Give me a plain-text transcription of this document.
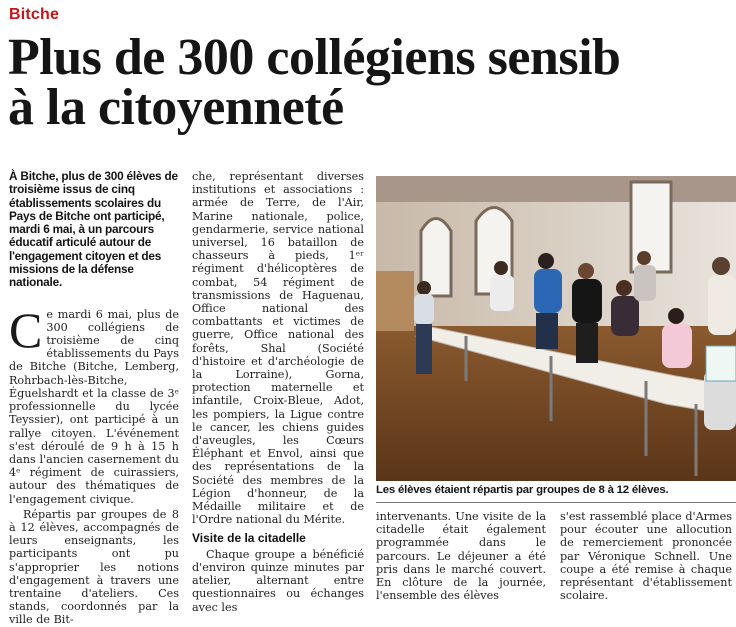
Bitche
Plus de 300 collégiens sensib
à la citoyenneté

À Bitche, plus de 300 élèves de troisième issus de cinq établissements scolaires du Pays de Bitche ont participé, mardi 6 mai, à un parcours éducatif articulé autour de l'engagement citoyen et des missions de la défense nationale.

Ce mardi 6 mai, plus de 300 collégiens de troisième de cinq établissements du Pays de Bitche (Bitche, Lemberg, Rohrbach-lès-Bitche, Éguelshardt et la classe de 3ᵉ professionnelle du lycée Teyssier), ont participé à un rallye citoyen. L'événement s'est déroulé de 9 h à 15 h dans l'ancien casernement du 4ᵉ régiment de cuirassiers, autour des thématiques de l'engagement civique.

Répartis par groupes de 8 à 12 élèves, accompagnés de leurs enseignants, les participants ont pu s'approprier les notions d'engagement à travers une trentaine d'ateliers. Ces stands, coordonnés par la ville de Bit-

che, représentant diverses institutions et associations : armée de Terre, de l'Air, Marine nationale, police, gendarmerie, service national universel, 16 bataillon de chasseurs à pieds, 1ᵉʳ régiment d'hélicoptères de combat, 54 régiment de transmissions de Haguenau, Office national des combattants et victimes de guerre, Office national des forêts, Shal (Société d'histoire et d'archéologie de la Lorraine), Gorna, protection maternelle et infantile, Croix-Bleue, Adot, les pompiers, la Ligue contre le cancer, les chiens guides d'aveugles, les Cœurs Éléphant et Envol, ainsi que des représentations de la Société des membres de la Légion d'honneur, de la Médaille militaire et de l'Ordre national du Mérite.

Visite de la citadelle

Chaque groupe a bénéficié d'environ quinze minutes par atelier, alternant entre questionnaires ou échanges avec les

Les élèves étaient répartis par groupes de 8 à 12 élèves.

intervenants. Une visite de la citadelle était également programmée dans le parcours. Le déjeuner a été pris dans le marché couvert. En clôture de la journée, l'ensemble des élèves

s'est rassemblé place d'Armes pour écouter une allocution de remerciement prononcée par Véronique Schnell. Une coupe a été remise à chaque représentant d'établissement scolaire.
